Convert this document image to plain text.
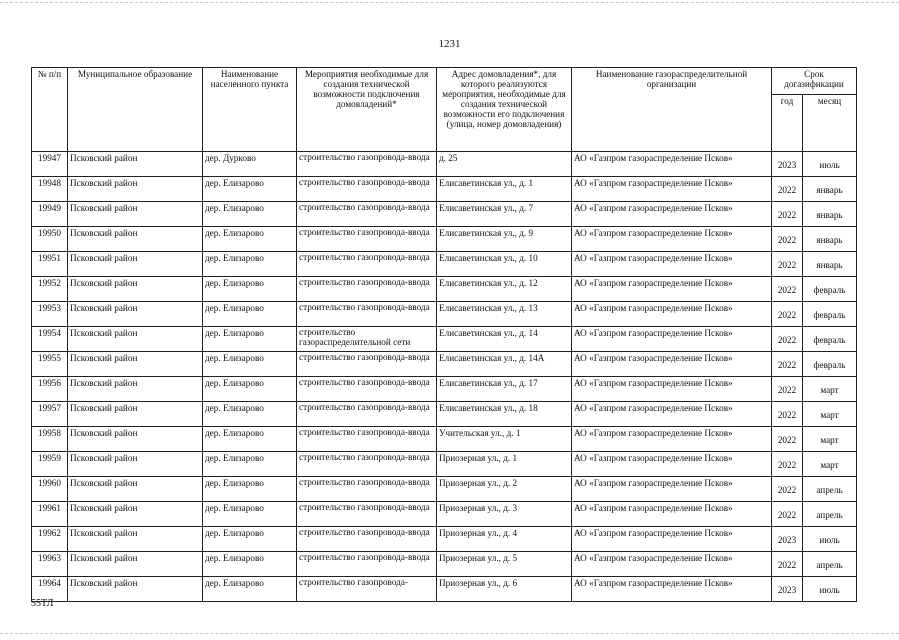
1231
№ п/п	Муниципальное образование	Наименование населенного пункта	Мероприятия необходимые для создания технической возможности подключения домовладений*	Адрес домовладения*, для которого реализуются мероприятия, необходимые для создания технической возможности его подключения (улица, номер домовладения)	Наименование газораспределительной организации	Срок догазификации	
						год	месяц
19947	Псковский район	дер. Дурково	строительство газопровода-ввода	д. 25	АО «Газпром газораспределение Псков»	2023	июль
19948	Псковский район	дер. Елизарово	строительство газопровода-ввода	Елисаветинская ул., д. 1	АО «Газпром газораспределение Псков»	2022	январь
19949	Псковский район	дер. Елизарово	строительство газопровода-ввода	Елисаветинская ул., д. 7	АО «Газпром газораспределение Псков»	2022	январь
19950	Псковский район	дер. Елизарово	строительство газопровода-ввода	Елисаветинская ул., д. 9	АО «Газпром газораспределение Псков»	2022	январь
19951	Псковский район	дер. Елизарово	строительство газопровода-ввода	Елисаветинская ул., д. 10	АО «Газпром газораспределение Псков»	2022	январь
19952	Псковский район	дер. Елизарово	строительство газопровода-ввода	Елисаветинская ул., д. 12	АО «Газпром газораспределение Псков»	2022	февраль
19953	Псковский район	дер. Елизарово	строительство газопровода-ввода	Елисаветинская ул., д. 13	АО «Газпром газораспределение Псков»	2022	февраль
19954	Псковский район	дер. Елизарово	строительство газораспределительной сети	Елисаветинская ул., д. 14	АО «Газпром газораспределение Псков»	2022	февраль
19955	Псковский район	дер. Елизарово	строительство газопровода-ввода	Елисаветинская ул., д. 14А	АО «Газпром газораспределение Псков»	2022	февраль
19956	Псковский район	дер. Елизарово	строительство газопровода-ввода	Елисаветинская ул., д. 17	АО «Газпром газораспределение Псков»	2022	март
19957	Псковский район	дер. Елизарово	строительство газопровода-ввода	Елисаветинская ул., д. 18	АО «Газпром газораспределение Псков»	2022	март
19958	Псковский район	дер. Елизарово	строительство газопровода-ввода	Учительская ул., д. 1	АО «Газпром газораспределение Псков»	2022	март
19959	Псковский район	дер. Елизарово	строительство газопровода-ввода	Приозерная ул., д. 1	АО «Газпром газораспределение Псков»	2022	март
19960	Псковский район	дер. Елизарово	строительство газопровода-ввода	Приозерная ул., д. 2	АО «Газпром газораспределение Псков»	2022	апрель
19961	Псковский район	дер. Елизарово	строительство газопровода-ввода	Приозерная ул., д. 3	АО «Газпром газораспределение Псков»	2022	апрель
19962	Псковский район	дер. Елизарово	строительство газопровода-ввода	Приозерная ул., д. 4	АО «Газпром газораспределение Псков»	2023	июль
19963	Псковский район	дер. Елизарово	строительство газопровода-ввода	Приозерная ул., д. 5	АО «Газпром газораспределение Псков»	2022	апрель
19964	Псковский район	дер. Елизарово	строительство газопровода-	Приозерная ул., д. 6	АО «Газпром газораспределение Псков»	2023	июль
55ТЛ
